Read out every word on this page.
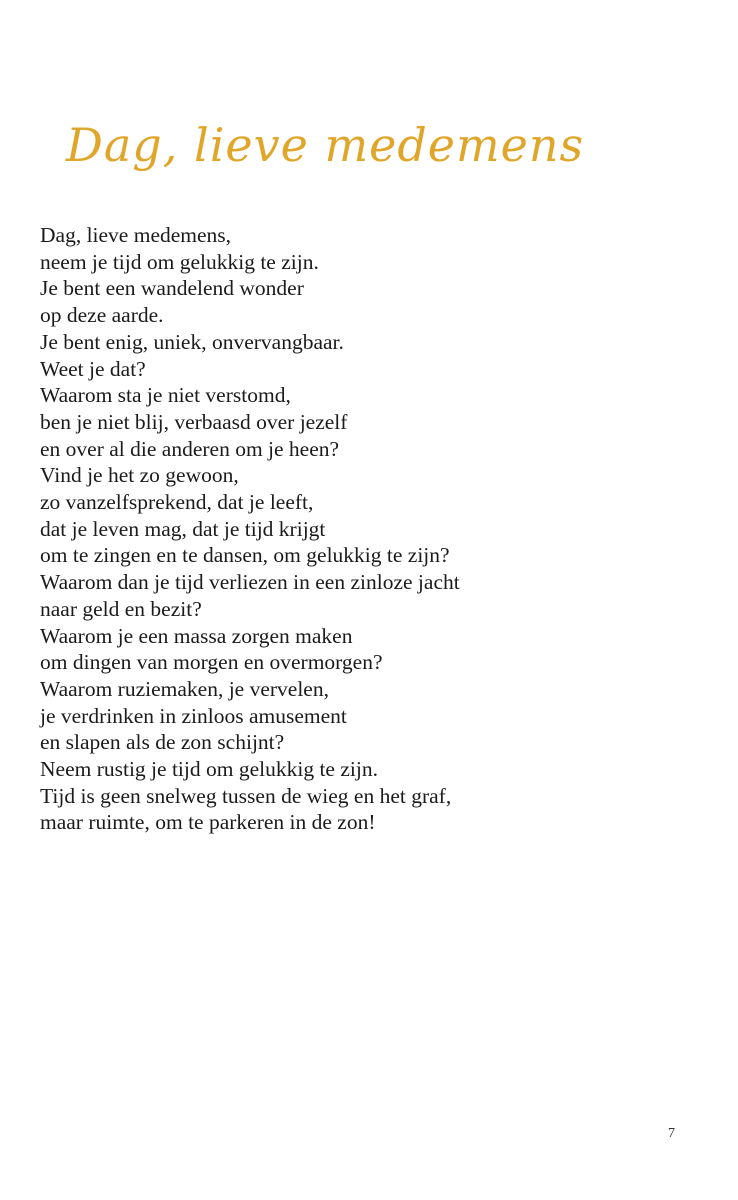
Dag, lieve medemens
Dag, lieve medemens,
neem je tijd om gelukkig te zijn.
Je bent een wandelend wonder
op deze aarde.
Je bent enig, uniek, onvervangbaar.
Weet je dat?
Waarom sta je niet verstomd,
ben je niet blij, verbaasd over jezelf
en over al die anderen om je heen?
Vind je het zo gewoon,
zo vanzelfsprekend, dat je leeft,
dat je leven mag, dat je tijd krijgt
om te zingen en te dansen, om gelukkig te zijn?
Waarom dan je tijd verliezen in een zinloze jacht
naar geld en bezit?
Waarom je een massa zorgen maken
om dingen van morgen en overmorgen?
Waarom ruziemaken, je vervelen,
je verdrinken in zinloos amusement
en slapen als de zon schijnt?
Neem rustig je tijd om gelukkig te zijn.
Tijd is geen snelweg tussen de wieg en het graf,
maar ruimte, om te parkeren in de zon!
7
